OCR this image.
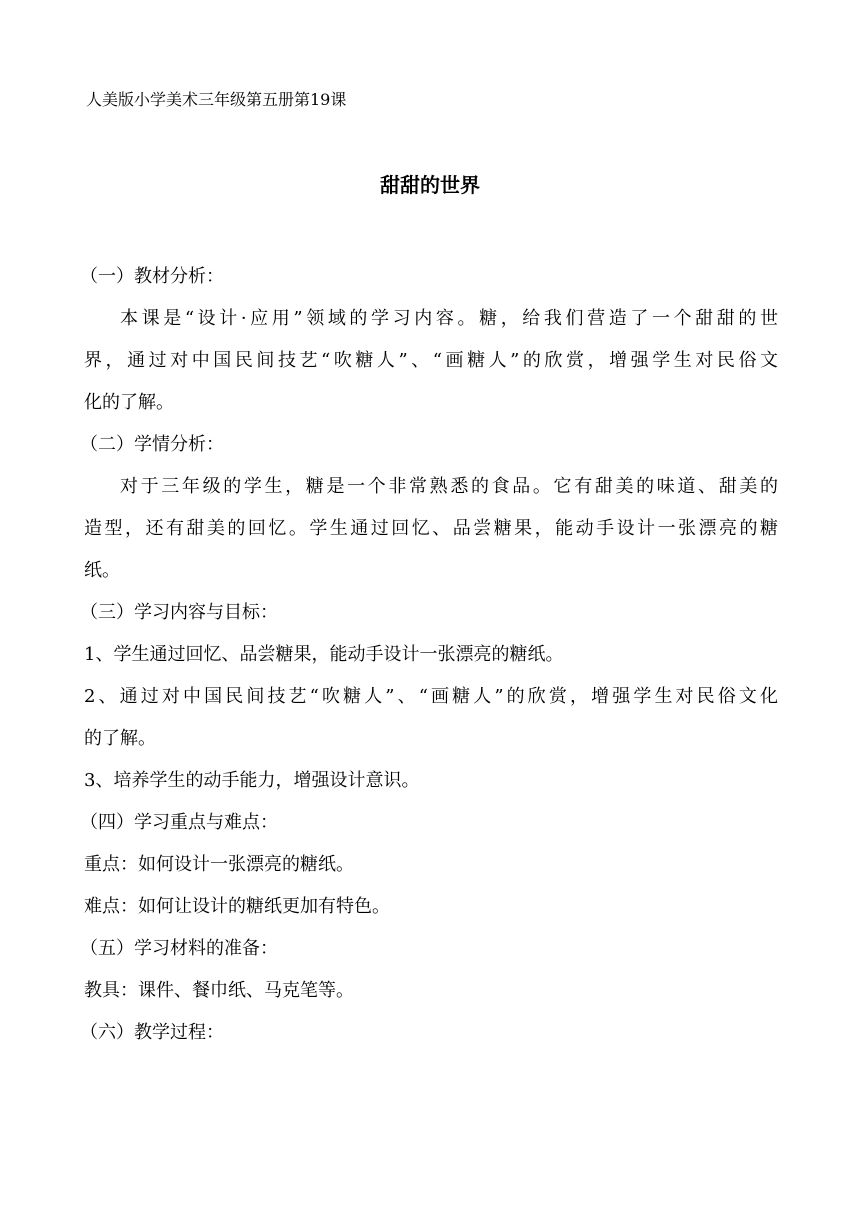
人美版小学美术三年级第五册第19课
甜甜的世界
（一）教材分析：
本课是“设计·应用”领域的学习内容。糖，给我们营造了一个甜甜的世
界，通过对中国民间技艺“吹糖人”、“画糖人”的欣赏，增强学生对民俗文
化的了解。
（二）学情分析：
对于三年级的学生，糖是一个非常熟悉的食品。它有甜美的味道、甜美的
造型，还有甜美的回忆。学生通过回忆、品尝糖果，能动手设计一张漂亮的糖
纸。
（三）学习内容与目标：
1、学生通过回忆、品尝糖果，能动手设计一张漂亮的糖纸。
2、通过对中国民间技艺“吹糖人”、“画糖人”的欣赏，增强学生对民俗文化
的了解。
3、培养学生的动手能力，增强设计意识。
（四）学习重点与难点：
重点：如何设计一张漂亮的糖纸。
难点：如何让设计的糖纸更加有特色。
（五）学习材料的准备：
教具：课件、餐巾纸、马克笔等。
（六）教学过程：
